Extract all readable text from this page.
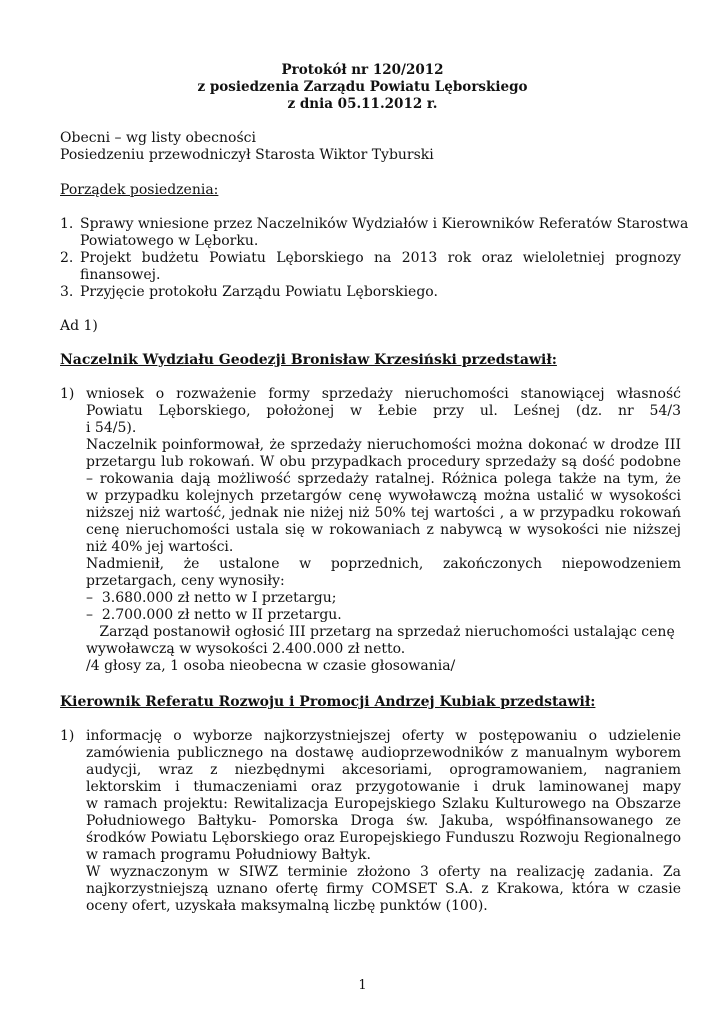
Protokół nr 120/2012

z posiedzenia Zarządu Powiatu Lęborskiego

z dnia 05.11.2012 r.

Obecni – wg listy obecności

Posiedzeniu przewodniczył Starosta Wiktor Tyburski

Porządek posiedzenia:

1. Sprawy wniesione przez Naczelników Wydziałów i Kierowników Referatów Starostwa

Powiatowego w Lęborku.

2. Projekt budżetu Powiatu Lęborskiego na 2013 rok oraz wieloletniej prognozy

finansowej.

3. Przyjęcie protokołu Zarządu Powiatu Lęborskiego.

Ad 1)

Naczelnik Wydziału Geodezji Bronisław Krzesiński przedstawił:

1) wniosek o rozważenie formy sprzedaży nieruchomości stanowiącej własność

Powiatu Lęborskiego, położonej w Łebie przy ul. Leśnej (dz. nr 54/3

i 54/5).

Naczelnik poinformował, że sprzedaży nieruchomości można dokonać w drodze III

przetargu lub rokowań. W obu przypadkach procedury sprzedaży są dość podobne

– rokowania dają możliwość sprzedaży ratalnej. Różnica polega także na tym, że

w przypadku kolejnych przetargów cenę wywoławczą można ustalić w wysokości

niższej niż wartość, jednak nie niżej niż 50% tej wartości , a w przypadku rokowań

cenę nieruchomości ustala się w rokowaniach z nabywcą w wysokości nie niższej

niż 40% jej wartości.

Nadmienił, że ustalone w poprzednich, zakończonych niepowodzeniem

przetargach, ceny wynosiły:

–  3.680.000 zł netto w I przetargu;

–  2.700.000 zł netto w II przetargu.

Zarząd postanowił ogłosić III przetarg na sprzedaż nieruchomości ustalając cenę

wywoławczą w wysokości 2.400.000 zł netto.

/4 głosy za, 1 osoba nieobecna w czasie głosowania/

Kierownik Referatu Rozwoju i Promocji Andrzej Kubiak przedstawił:

1) informację o wyborze najkorzystniejszej oferty w postępowaniu o udzielenie

zamówienia publicznego na dostawę audioprzewodników z manualnym wyborem

audycji, wraz z niezbędnymi akcesoriami, oprogramowaniem, nagraniem

lektorskim i tłumaczeniami oraz przygotowanie i druk laminowanej mapy

w ramach projektu: Rewitalizacja Europejskiego Szlaku Kulturowego na Obszarze

Południowego Bałtyku- Pomorska Droga św. Jakuba, współfinansowanego ze

środków Powiatu Lęborskiego oraz Europejskiego Funduszu Rozwoju Regionalnego

w ramach programu Południowy Bałtyk.

W wyznaczonym w SIWZ terminie złożono 3 oferty na realizację zadania. Za

najkorzystniejszą uznano ofertę firmy COMSET S.A. z Krakowa, która w czasie

oceny ofert, uzyskała maksymalną liczbę punktów (100).

1
